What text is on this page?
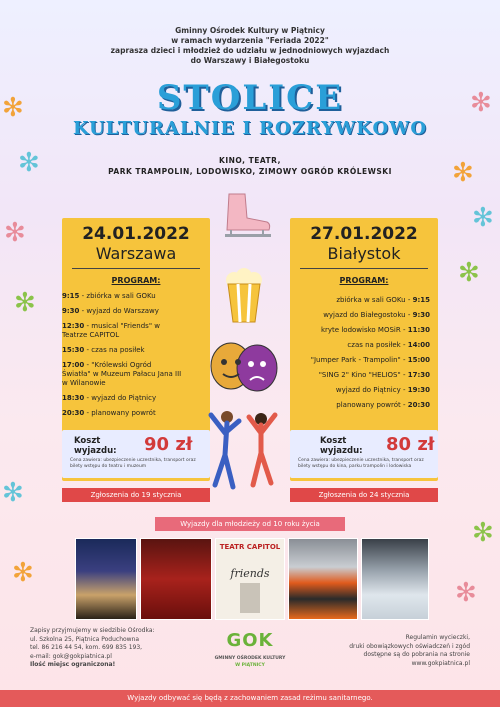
✻
✻
✻
✻
✻
✻
✻
✻
✻
✻
✻
✻
Gminny Ośrodek Kultury w Piątnicy
w ramach wydarzenia "Feriada 2022"
zaprasza dzieci i młodzież do udziału w jednodniowych wyjazdach
do Warszawy i Białegostoku
STOLICE
KULTURALNIE I ROZRYWKOWO
KINO, TEATR,
PARK TRAMPOLIN, LODOWISKO, ZIMOWY OGRÓD KRÓLEWSKI
24.01.2022
Warszawa
PROGRAM:
9:15 - zbiórka w sali GOKu
9:30 - wyjazd do Warszawy
12:30 - musical "Friends" w Teatrze CAPITOL
15:30 - czas na posiłek
17:00 - "Królewski Ogród Światła" w Muzeum Pałacu Jana III w Wilanowie
18:30 - wyjazd do Piątnicy
20:30 - planowany powrót
Koszt
wyjazdu: 90 zł
Cena zawiera: ubezpieczenie uczestnika, transport oraz bilety wstępu do teatru i muzeum
Zgłoszenia do 19 stycznia
27.01.2022
Białystok
PROGRAM:
zbiórka w sali GOKu - 9:15
wyjazd do Białegostoku - 9:30
kryte lodowisko MOSiR - 11:30
czas na posiłek - 14:00
"Jumper Park - Trampolin" - 15:00
"SING 2" Kino "HELIOS" - 17:30
wyjazd do Piątnicy - 19:30
planowany powrót - 20:30
Koszt
wyjazdu: 80 zł
Cena zawiera: ubezpieczenie uczestnika, transport oraz bilety wstępu do kina, parku trampolin i lodowiska
Zgłoszenia do 24 stycznia
Wyjazdy dla młodzieży od 10 roku życia
TEATR CAPITOL
friends
Zapisy przyjmujemy w siedzibie Ośrodka:
ul. Szkolna 25, Piątnica Poduchowna
tel. 86 216 44 54, kom. 699 835 193,
e-mail: gok@gokpiatnica.pl
Ilość miejsc ograniczona!
GOK
GMINNY OŚRODEK KULTURY
W PIĄTNICY
Regulamin wycieczki,
druki obowiązkowych oświadczeń i zgód
dostępne są do pobrania na stronie
www.gokpiatnica.pl
Wyjazdy odbywać się będą z zachowaniem zasad reżimu sanitarnego.
